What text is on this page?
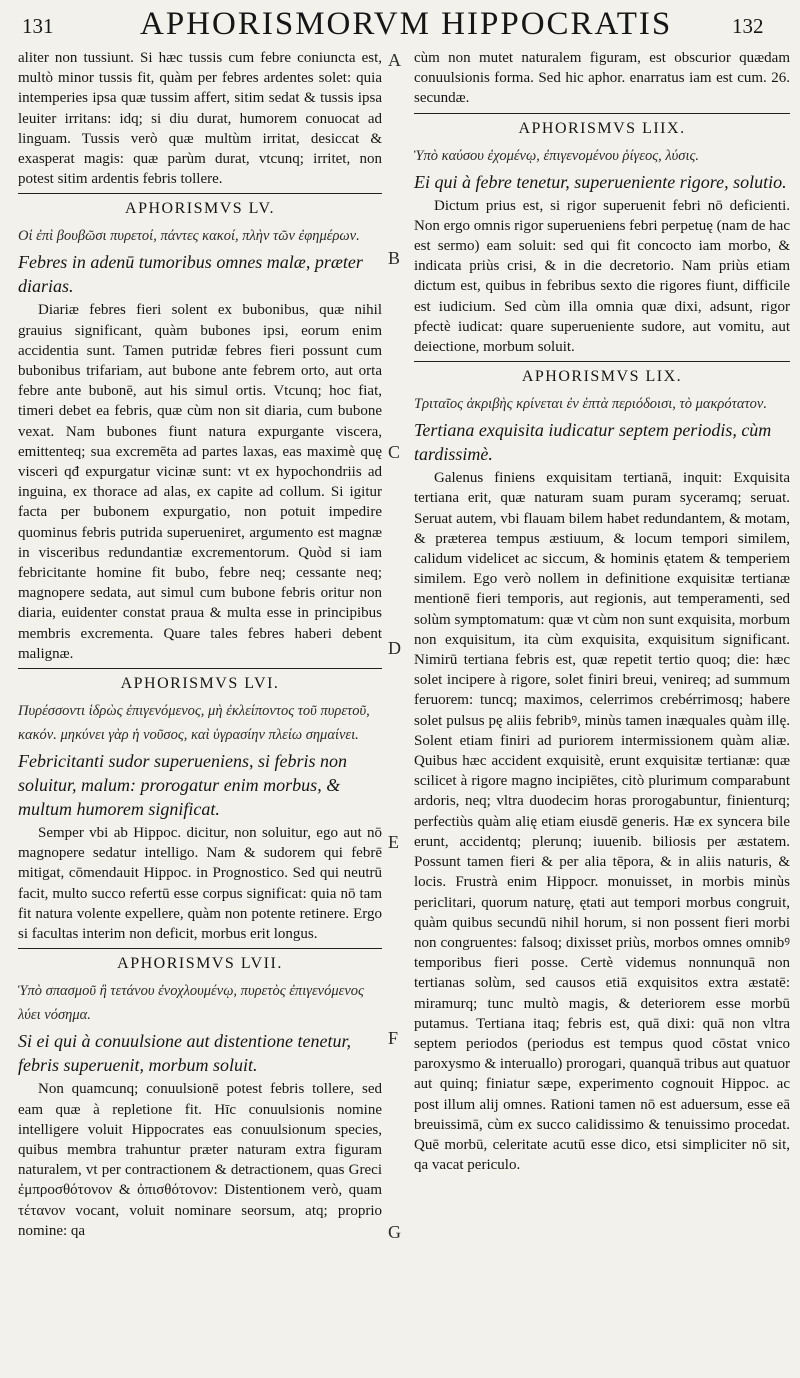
131	APHORISMORVM HIPPOCRATIS	132
A
B
C
D
E
F
G

aliter non tussiunt. Si hæc tussis cum febre coniuncta est, multò minor tussis fit, quàm per febres ardentes solet: quia intemperies ipsa quæ tussim affert, sitim sedat & tussis ipsa leuiter irritans: idq; si diu durat, humorem conuocat ad linguam. Tussis verò quæ multùm irritat, desiccat & exasperat magis: quæ parùm durat, vtcunq; irritet, non potest sitim ardentis febris tollere.

APHORISMVS LV.

Οἱ ἐπὶ βουβῶσι πυρετοί, πάντες κακοί, πλὴν τῶν ἐφημέρων.

Febres in adenū tumoribus omnes malæ, præter diarias.

Diariæ febres fieri solent ex bubonibus, quæ nihil grauius significant, quàm bubones ipsi, eorum enim accidentia sunt. Tamen putridæ febres fieri possunt cum bubonibus trifariam, aut bubone ante febrem orto, aut orta febre ante bubonē, aut his simul ortis. Vtcunq; hoc fiat, timeri debet ea febris, quæ cùm non sit diaria, cum bubone vexat. Nam bubones fiunt natura expurgante viscera, emittenteq; sua excremēta ad partes laxas, eas maximè quę visceri qđ expurgatur vicinæ sunt: vt ex hypochondriis ad inguina, ex thorace ad alas, ex capite ad collum. Si igitur facta per bubonem expurgatio, non potuit impedire quominus febris putrida superueniret, argumento est magnæ in visceribus redundantiæ excrementorum. Quòd si iam febricitante homine fit bubo, febre neq; cessante neq; magnopere sedata, aut simul cum bubone febris oritur non diaria, euidenter constat praua & multa esse in principibus membris excrementa. Quare tales febres haberi debent malignæ.

APHORISMVS LVI.

Πυρέσσοντι ἱδρὼς ἐπιγενόμενος, μὴ ἐκλείποντος τοῦ πυρετοῦ, κακόν. μηκύνει γὰρ ἡ νοῦσος, καὶ ὑγρασίην πλείω σημαίνει.

Febricitanti sudor superueniens, si febris non soluitur, malum: prorogatur enim morbus, & multum humorem significat.

Semper vbi ab Hippoc. dicitur, non soluitur, ego aut nō magnopere sedatur intelligo. Nam & sudorem qui febrē mitigat, cōmendauit Hippoc. in Prognostico. Sed qui neutrū facit, multo succo refertū esse corpus significat: quia nō tam fit natura volente expellere, quàm non potente retinere. Ergo si facultas interim non deficit, morbus erit longus.

APHORISMVS LVII.

Ὑπὸ σπασμοῦ ἢ τετάνου ἐνοχλουμένῳ, πυρετὸς ἐπιγενόμενος λύει νόσημα.

Si ei qui à conuulsione aut distentione tenetur, febris superuenit, morbum soluit.

Non quamcunq; conuulsionē potest febris tollere, sed eam quæ à repletione fit. Hīc conuulsionis nomine intelligere voluit Hippocrates eas conuulsionum species, quibus membra trahuntur præter naturam extra figuram naturalem, vt per contractionem & detractionem, quas Greci ἐμπροσθότονον & ὀπισθότονον: Distentionem verò, quam τέτανον vocant, voluit nominare seorsum, atq; proprio nomine: qa

cùm non mutet naturalem figuram, est obscurior quædam conuulsionis forma. Sed hic aphor. enarratus iam est cum. 26. secundæ.

APHORISMVS LIIX.

Ὑπὸ καύσου ἐχομένῳ, ἐπιγενομένου ῥίγεος, λύσις.

Ei qui à febre tenetur, superueniente rigore, solutio.

Dictum prius est, si rigor superuenit febri nō deficienti. Non ergo omnis rigor superueniens febri perpetuę (nam de hac est sermo) eam soluit: sed qui fit concocto iam morbo, & indicata priùs crisi, & in die decretorio. Nam priùs etiam dictum est, quibus in febribus sexto die rigores fiunt, difficile est iudicium. Sed cùm illa omnia quæ dixi, adsunt, rigor pfectè iudicat: quare superueniente sudore, aut vomitu, aut deiectione, morbum soluit.

APHORISMVS LIX.

Τριταῖος ἀκριβὴς κρίνεται ἐν ἑπτὰ περιόδοισι, τὸ μακρότατον.

Tertiana exquisita iudicatur septem periodis, cùm tardissimè.

Galenus finiens exquisitam tertianā, inquit: Exquisita tertiana erit, quæ naturam suam puram syceramq; seruat. Seruat autem, vbi flauam bilem habet redundantem, & motam, & præterea tempus æstiuum, & locum tempori similem, calidum videlicet ac siccum, & hominis ętatem & temperiem similem. Ego verò nollem in definitione exquisitæ tertianæ mentionē fieri temporis, aut regionis, aut temperamenti, sed solùm symptomatum: quæ vt cùm non sunt exquisita, morbum non exquisitum, ita cùm exquisita, exquisitum significant. Nimirū tertiana febris est, quæ repetit tertio quoq; die: hæc solet incipere à rigore, solet finiri breui, venireq; ad summum feruorem: tuncq; maximos, celerrimos crebérrimosq; habere solet pulsus pę aliis febribꝰ, minùs tamen inæquales quàm illę. Solent etiam finiri ad puriorem intermissionem quàm aliæ. Quibus hæc accident exquisitè, erunt exquisitæ tertianæ: quæ scilicet à rigore magno incipiētes, citò plurimum comparabunt ardoris, neq; vltra duodecim horas prorogabuntur, finienturq; perfectiùs quàm alię etiam eiusdē generis. Hæ ex syncera bile erunt, accidentq; plerunq; iuuenib. biliosis per æstatem. Possunt tamen fieri & per alia tēpora, & in aliis naturis, & locis. Frustrà enim Hippocr. monuisset, in morbis minùs periclitari, quorum naturę, ętati aut tempori morbus congruit, quàm quibus secundū nihil horum, si non possent fieri morbi non congruentes: falsoq; dixisset priùs, morbos omnes omnibꝰ temporibus fieri posse. Certè videmus nonnunquā non tertianas solùm, sed causos etiā exquisitos extra æstatē: miramurq; tunc multò magis, & deteriorem esse morbū putamus. Tertiana itaq; febris est, quā dixi: quā non vltra septem periodos (periodus est tempus quod cōstat vnico paroxysmo & interuallo) prorogari, quanquā tribus aut quatuor aut quinq; finiatur sæpe, experimento cognouit Hippoc. ac post illum alij omnes. Rationi tamen nō est aduersum, esse eā breuissimā, cùm ex succo calidissimo & tenuissimo procedat. Quē morbū, celeritate acutū esse dico, etsi simpliciter nō sit, qa vacat periculo.
